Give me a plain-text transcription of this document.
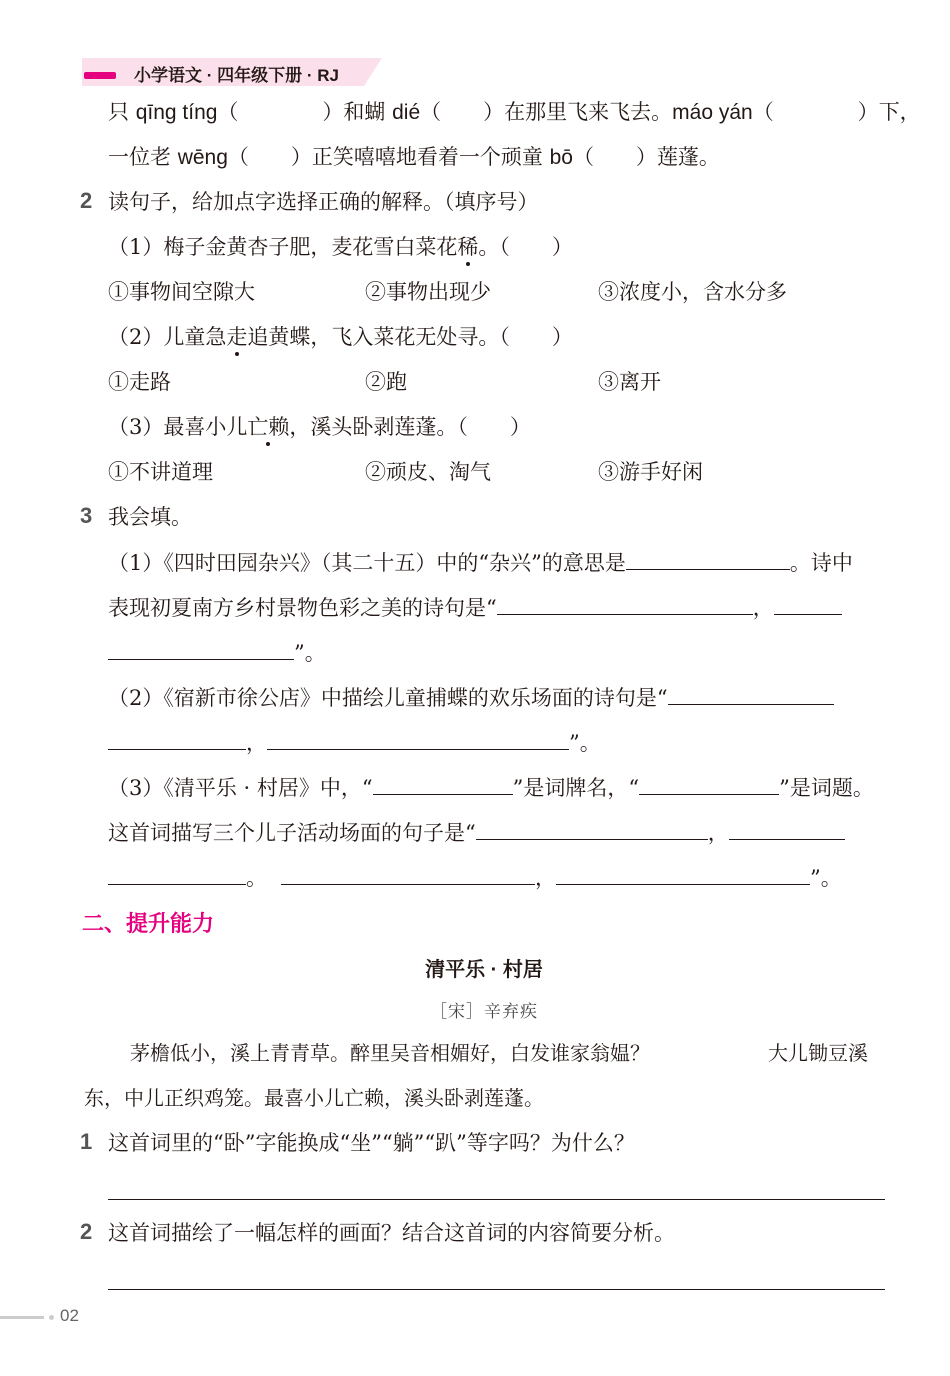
小学语文 · 四年级下册 · RJ
只 qīng tíng（    ）和蝴 dié（  ）在那里飞来飞去。máo yán（    ）下，
一位老 wēng（  ）正笑嘻嘻地看着一个顽童 bō（  ）莲蓬。
2 读句子，给加点字选择正确的解释。（填序号）
（1）梅子金黄杏子肥，麦花雪白菜花稀。（   ）
①事物间空隙大	②事物出现少	③浓度小，含水分多
（2）儿童急走追黄蝶，飞入菜花无处寻。（   ）
①走路	②跑	③离开
（3）最喜小儿亡赖，溪头卧剥莲蓬。（   ）
①不讲道理	②顽皮、淘气	③游手好闲
3 我会填。
（1）《四时田园杂兴》（其二十五）中的“杂兴”的意思是	。诗中
表现初夏南方乡村景物色彩之美的诗句是“	，
”。
（2）《宿新市徐公店》中描绘儿童捕蝶的欢乐场面的诗句是“
，	”。
（3）《清平乐 · 村居》中，“	”是词牌名，“	”是词题。
这首词描写三个儿子活动场面的句子是“	，
。	，	”。
二、提升能力
清平乐 · 村居
［宋］辛弃疾
茅檐低小，溪上青青草。醉里吴音相媚好，白发谁家翁媪？	大儿锄豆溪
东，中儿正织鸡笼。最喜小儿亡赖，溪头卧剥莲蓬。
1 这首词里的“卧”字能换成“坐”“躺”“趴”等字吗？为什么？
2 这首词描绘了一幅怎样的画面？结合这首词的内容简要分析。
02
